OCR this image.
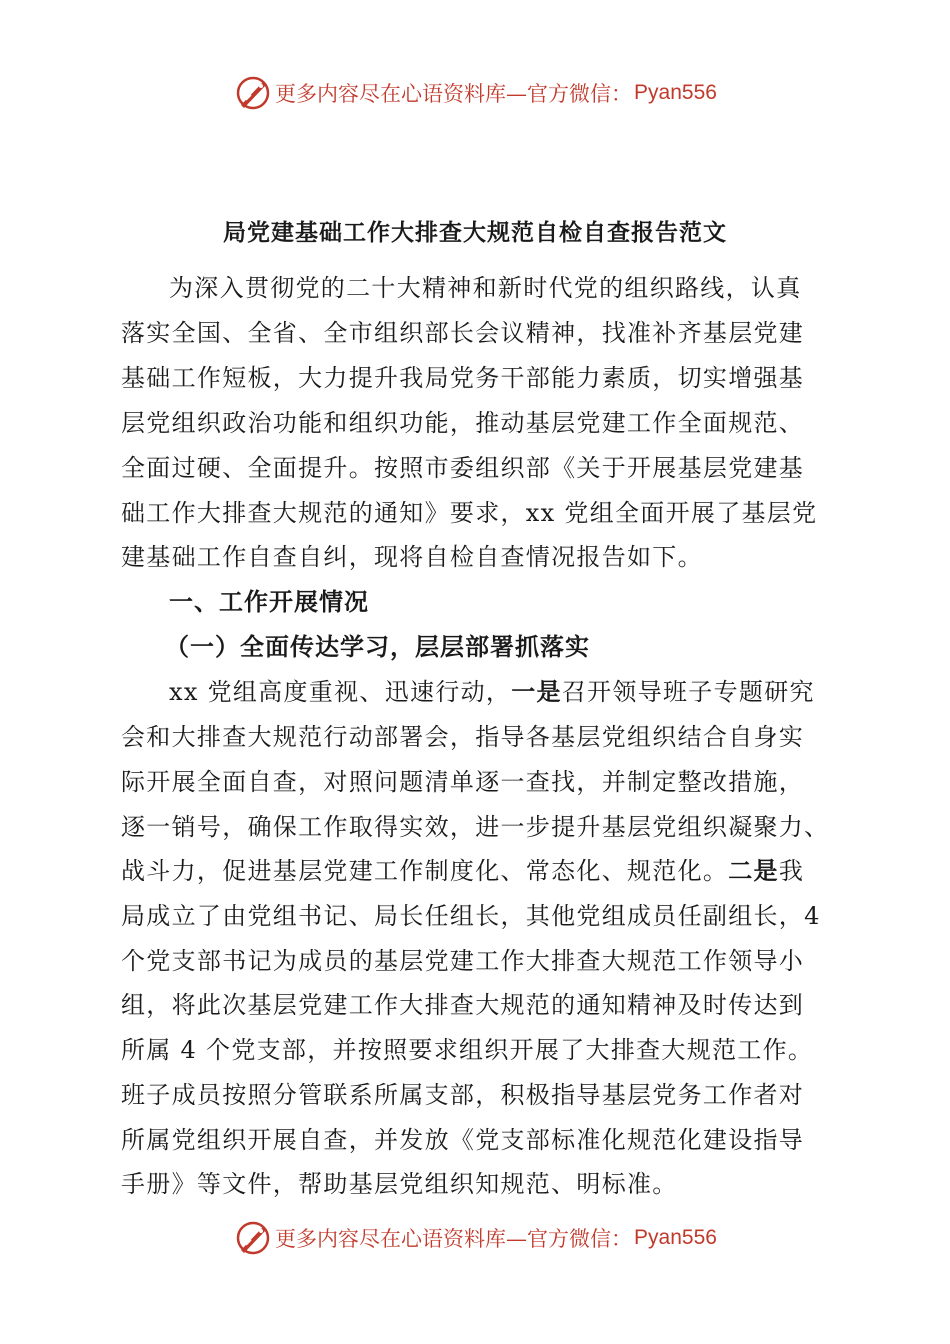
更多内容尽在心语资料库—官方微信： Pyan556
局党建基础工作大排查大规范自检自查报告范文
为深入贯彻党的二十大精神和新时代党的组织路线，认真
落实全国、全省、全市组织部长会议精神，找准补齐基层党建
基础工作短板，大力提升我局党务干部能力素质，切实增强基
层党组织政治功能和组织功能，推动基层党建工作全面规范、
全面过硬、全面提升。按照市委组织部《关于开展基层党建基
础工作大排查大规范的通知》要求，xx 党组全面开展了基层党
建基础工作自查自纠，现将自检自查情况报告如下。
一、工作开展情况
（一）全面传达学习，层层部署抓落实
xx 党组高度重视、迅速行动，一是召开领导班子专题研究
会和大排查大规范行动部署会，指导各基层党组织结合自身实
际开展全面自查，对照问题清单逐一查找，并制定整改措施，
逐一销号，确保工作取得实效，进一步提升基层党组织凝聚力、
战斗力，促进基层党建工作制度化、常态化、规范化。二是我
局成立了由党组书记、局长任组长，其他党组成员任副组长，4
个党支部书记为成员的基层党建工作大排查大规范工作领导小
组，将此次基层党建工作大排查大规范的通知精神及时传达到
所属 4 个党支部，并按照要求组织开展了大排查大规范工作。
班子成员按照分管联系所属支部，积极指导基层党务工作者对
所属党组织开展自查，并发放《党支部标准化规范化建设指导
手册》等文件，帮助基层党组织知规范、明标准。
更多内容尽在心语资料库—官方微信： Pyan556
